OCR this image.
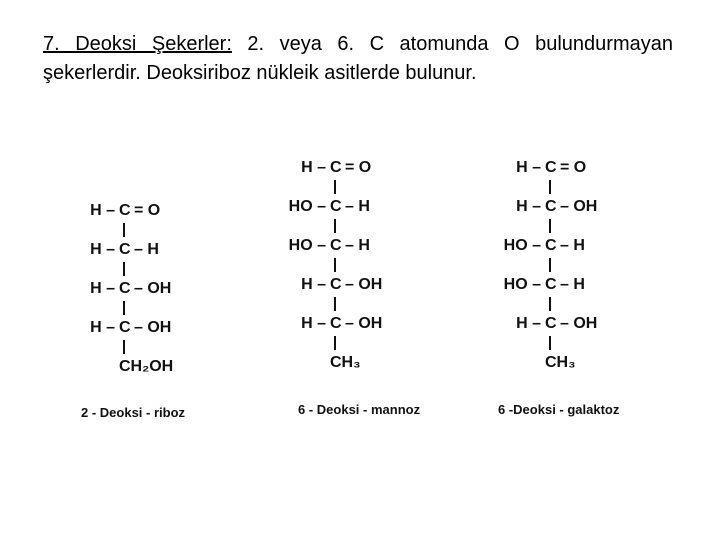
7. Deoksi Şekerler: 2. veya 6. C atomunda O bulundurmayan şekerlerdir. Deoksiriboz nükleik asitlerde bulunur.
2 - Deoksi - riboz
H – C = O
H – C – H
H – C – OH
H – C – OH
CH₂OH
6 - Deoksi - mannoz
H – C = O
HO – C – H
HO – C – H
H – C – OH
H – C – OH
CH₃
6 -Deoksi - galaktoz
H – C = O
H – C – OH
HO – C – H
HO – C – H
H – C – OH
CH₃
